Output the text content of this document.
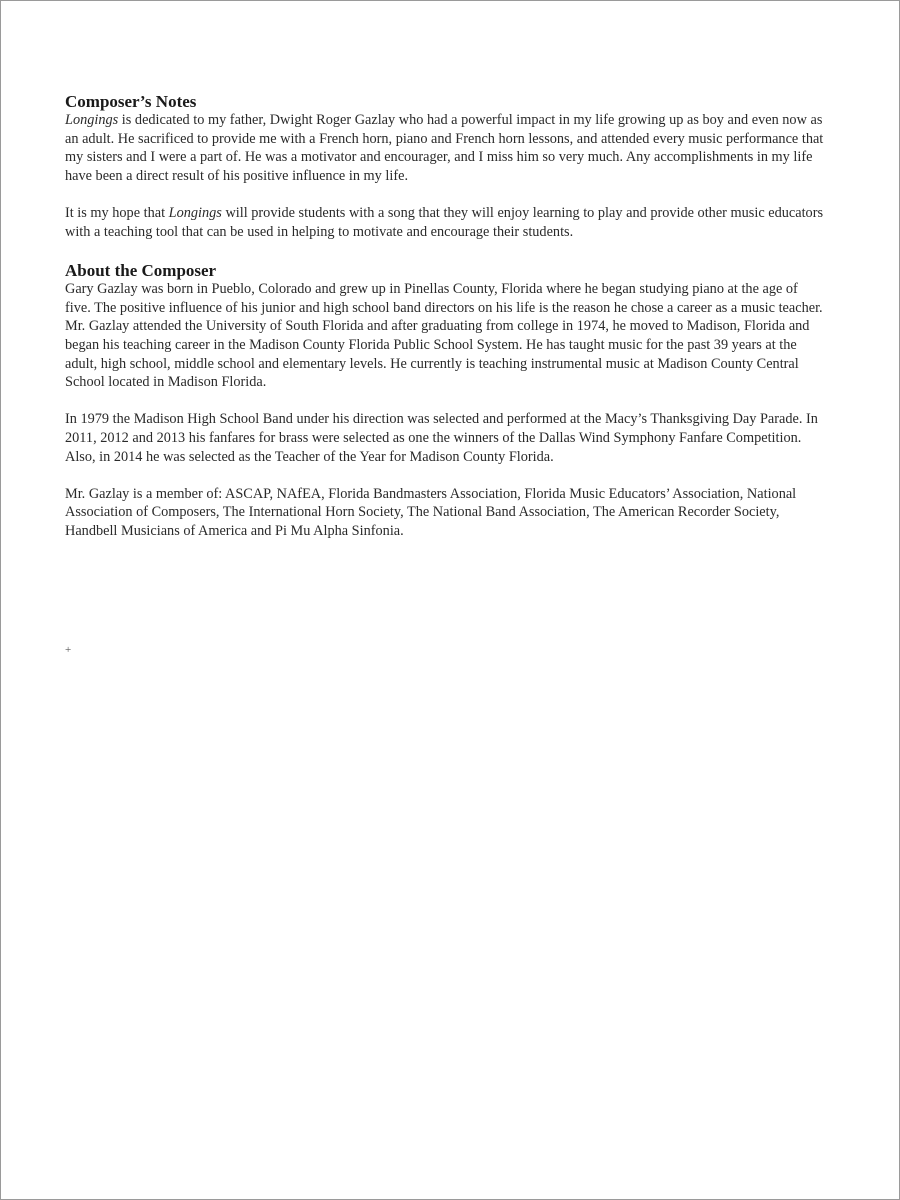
Composer’s Notes

Longings is dedicated to my father, Dwight Roger Gazlay who had a powerful impact in my life growing up as boy and even now as an adult. He sacrificed to provide me with a French horn, piano and French horn lessons, and attended every music performance that my sisters and I were a part of. He was a motivator and encourager, and I miss him so very much. Any accomplishments in my life have been a direct result of his positive influence in my life.

It is my hope that Longings will provide students with a song that they will enjoy learning to play and provide other music educators with a teaching tool that can be used in helping to motivate and encourage their students.

About the Composer

Gary Gazlay was born in Pueblo, Colorado and grew up in Pinellas County, Florida where he began studying piano at the age of five. The positive influence of his junior and high school band directors on his life is the reason he chose a career as a music teacher. Mr. Gazlay attended the University of South Florida and after graduating from college in 1974, he moved to Madison, Florida and began his teaching career in the Madison County Florida Public School System. He has taught music for the past 39 years at the adult, high school, middle school and elementary levels. He currently is teaching instrumental music at Madison County Central School located in Madison Florida.

In 1979 the Madison High School Band under his direction was selected and performed at the Macy’s Thanksgiving Day Parade. In 2011, 2012 and 2013 his fanfares for brass were selected as one the winners of the Dallas Wind Symphony Fanfare Competition. Also, in 2014 he was selected as the Teacher of the Year for Madison County Florida.

Mr. Gazlay is a member of: ASCAP, NAfEA, Florida Bandmasters Association, Florida Music Educators’ Association, National Association of Composers, The International Horn Society, The National Band Association, The American Recorder Society, Handbell Musicians of America and Pi Mu Alpha Sinfonia.

+
